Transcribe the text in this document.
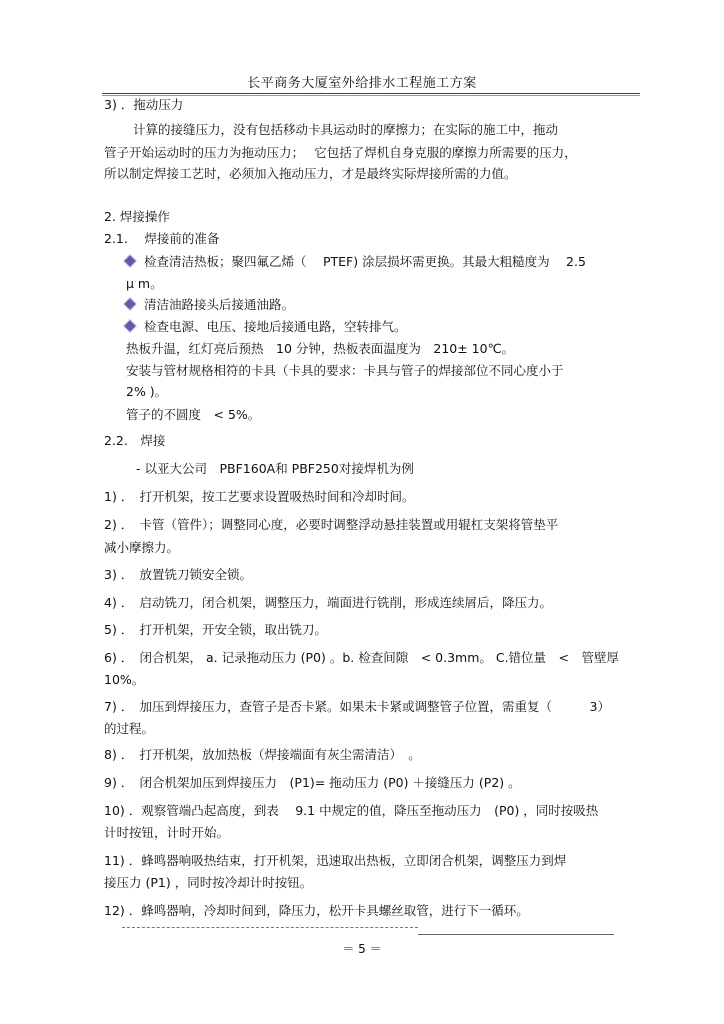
长平商务大厦室外给排水工程施工方案
3) ．拖动压力
计算的接缝压力，没有包括移动卡具运动时的摩擦力；在实际的施工中，拖动
管子开始运动时的压力为拖动压力；　 它包括了焊机自身克服的摩擦力所需要的压力，
所以制定焊接工艺时，必须加入拖动压力，才是最终实际焊接所需的力值。
2. 焊接操作
2.1.　 焊接前的准备
检查清洁热板；聚四氟乙烯（　 PTEF) 涂层损坏需更换。其最大粗糙度为　 2.5
μ m。
清洁油路接头后接通油路。
检查电源、电压、接地后接通电路，空转排气。
热板升温，红灯亮后预热　10 分钟，热板表面温度为　210± 10℃。
安装与管材规格相符的卡具（卡具的要求：卡具与管子的焊接部位不同心度小于
2% )。
管子的不圆度　< 5%。
2.2.　焊接
- 以亚大公司　PBF160A和 PBF250对接焊机为例
1) ．　打开机架，按工艺要求设置吸热时间和冷却时间。
2) ．　卡管（管件）；调整同心度，必要时调整浮动悬挂装置或用辊杠支架将管垫平
减小摩擦力。
3) ．　放置铣刀锁安全锁。
4) ．　启动铣刀，闭合机架，调整压力，端面进行铣削，形成连续屑后，降压力。
5) ．　打开机架，开安全锁，取出铣刀。
6) ．　闭合机架， a. 记录拖动压力 (P0) 。b. 检查间隙　< 0.3mm。 C.错位量　<　管壁厚
10%。
7) ．　加压到焊接压力，查管子是否卡紧。如果未卡紧或调整管子位置，需重复（　　　3）
的过程。
8) ．　打开机架，放加热板（焊接端面有灰尘需清洁）　。
9) ．　闭合机架加压到焊接压力　(P1)= 拖动压力 (P0) ＋接缝压力 (P2) 。
10) ．观察管端凸起高度，到表　 9.1 中规定的值，降压至拖动压力　(P0) ，同时按吸热
计时按钮，计时开始。
11) ．蜂鸣器响吸热结束，打开机架，迅速取出热板，立即闭合机架，调整压力到焊
接压力 (P1) ，同时按冷却计时按钮。
12) ．蜂鸣器响，冷却时间到，降压力，松开卡具螺丝取管，进行下一循环。
＝ 5 ＝
